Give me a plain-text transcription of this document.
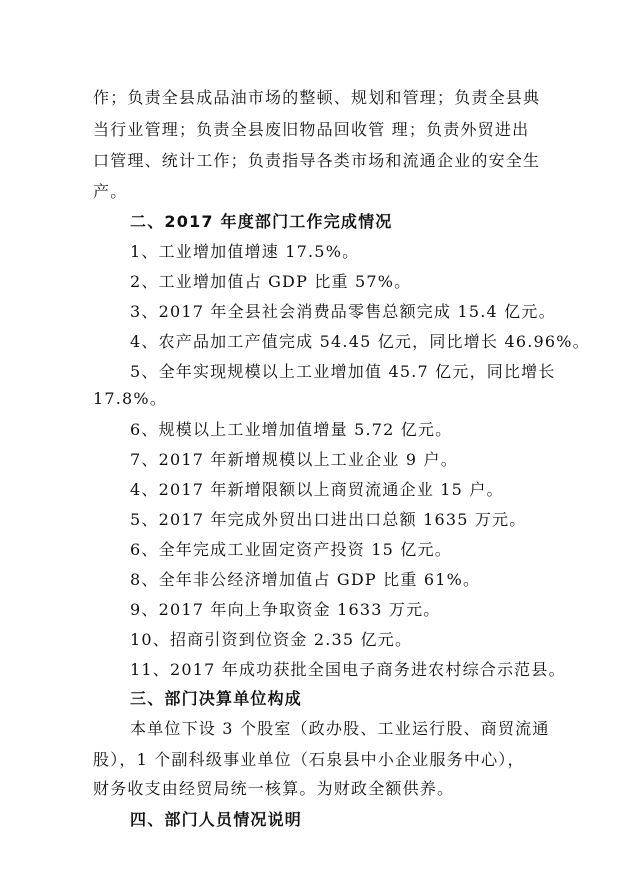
作；负责全县成品油市场的整顿、规划和管理；负责全县典
当行业管理；负责全县废旧物品回收管 理；负责外贸进出
口管理、统计工作；负责指导各类市场和流通企业的安全生
产。
二、2017 年度部门工作完成情况
1、工业增加值增速 17.5%。
2、工业增加值占 GDP 比重 57%。
3、2017 年全县社会消费品零售总额完成 15.4 亿元。
4、农产品加工产值完成 54.45 亿元，同比增长 46.96%。
5、全年实现规模以上工业增加值 45.7 亿元，同比增长
17.8%。
6、规模以上工业增加值增量 5.72 亿元。
7、2017 年新增规模以上工业企业 9 户。
4、2017 年新增限额以上商贸流通企业 15 户。
5、2017 年完成外贸出口进出口总额 1635 万元。
6、全年完成工业固定资产投资 15 亿元。
8、全年非公经济增加值占 GDP 比重 61%。
9、2017 年向上争取资金 1633 万元。
10、招商引资到位资金 2.35 亿元。
11、2017 年成功获批全国电子商务进农村综合示范县。
三、部门决算单位构成
本单位下设 3 个股室（政办股、工业运行股、商贸流通
股），1 个副科级事业单位（石泉县中小企业服务中心），
财务收支由经贸局统一核算。为财政全额供养。
四、部门人员情况说明
